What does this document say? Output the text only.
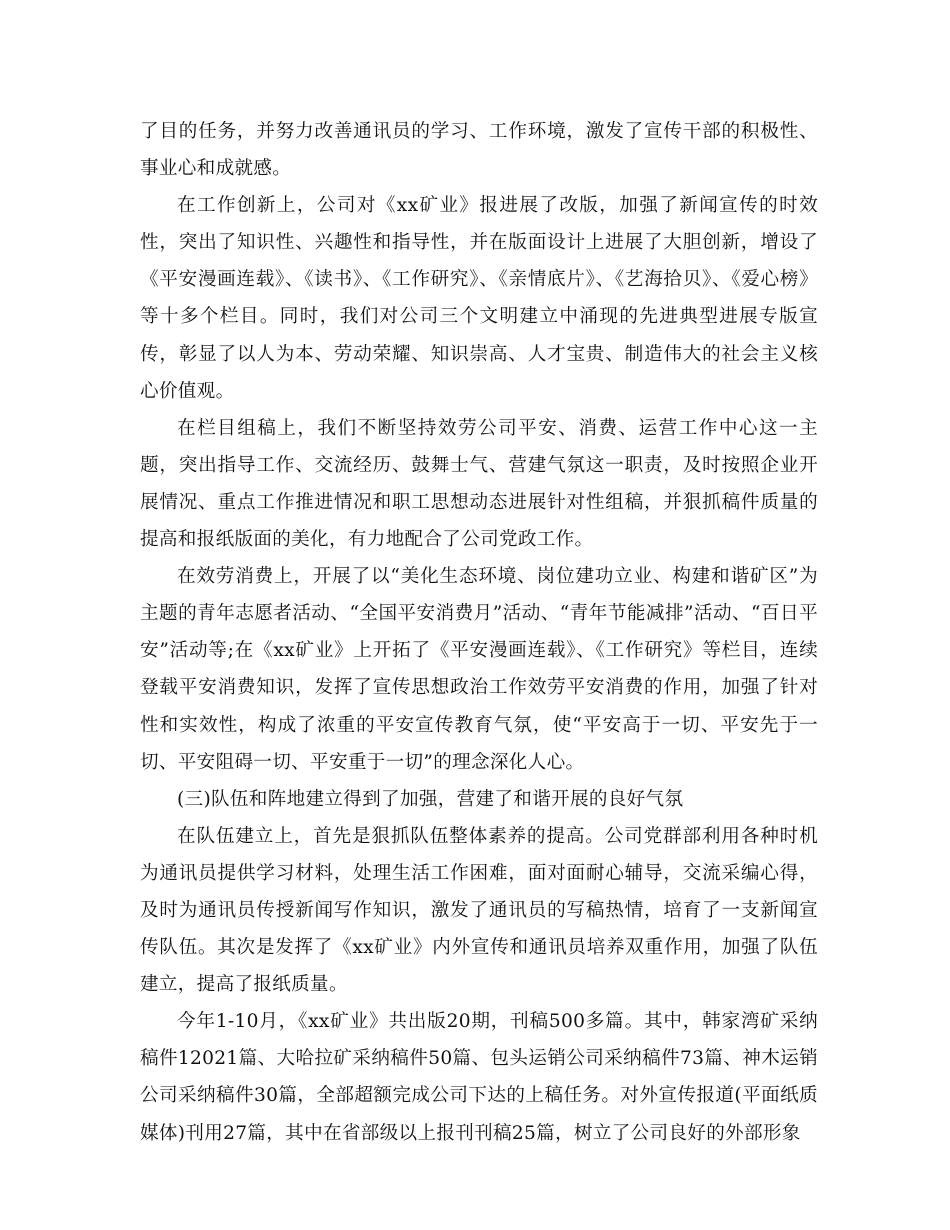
了目的任务，并努力改善通讯员的学习、工作环境，激发了宣传干部的积极性、事业心和成就感。

在工作创新上，公司对《xx矿业》报进展了改版，加强了新闻宣传的时效性，突出了知识性、兴趣性和指导性，并在版面设计上进展了大胆创新，增设了《平安漫画连载》、《读书》、《工作研究》、《亲情底片》、《艺海拾贝》、《爱心榜》等十多个栏目。同时，我们对公司三个文明建立中涌现的先进典型进展专版宣传，彰显了以人为本、劳动荣耀、知识崇高、人才宝贵、制造伟大的社会主义核心价值观。

在栏目组稿上，我们不断坚持效劳公司平安、消费、运营工作中心这一主题，突出指导工作、交流经历、鼓舞士气、营建气氛这一职责，及时按照企业开展情况、重点工作推进情况和职工思想动态进展针对性组稿，并狠抓稿件质量的提高和报纸版面的美化，有力地配合了公司党政工作。

在效劳消费上，开展了以“美化生态环境、岗位建功立业、构建和谐矿区”为主题的青年志愿者活动、“全国平安消费月”活动、“青年节能减排”活动、“百日平安”活动等;在《xx矿业》上开拓了《平安漫画连载》、《工作研究》等栏目，连续登载平安消费知识，发挥了宣传思想政治工作效劳平安消费的作用，加强了针对性和实效性，构成了浓重的平安宣传教育气氛，使“平安高于一切、平安先于一切、平安阻碍一切、平安重于一切”的理念深化人心。

(三)队伍和阵地建立得到了加强，营建了和谐开展的良好气氛

在队伍建立上，首先是狠抓队伍整体素养的提高。公司党群部利用各种时机为通讯员提供学习材料，处理生活工作困难，面对面耐心辅导，交流采编心得，及时为通讯员传授新闻写作知识，激发了通讯员的写稿热情，培育了一支新闻宣传队伍。其次是发挥了《xx矿业》内外宣传和通讯员培养双重作用，加强了队伍建立，提高了报纸质量。

今年1-10月，《xx矿业》共出版20期，刊稿500多篇。其中，韩家湾矿采纳稿件12021篇、大哈拉矿采纳稿件50篇、包头运销公司采纳稿件73篇、神木运销公司采纳稿件30篇，全部超额完成公司下达的上稿任务。对外宣传报道(平面纸质媒体)刊用27篇，其中在省部级以上报刊刊稿25篇，树立了公司良好的外部形象
